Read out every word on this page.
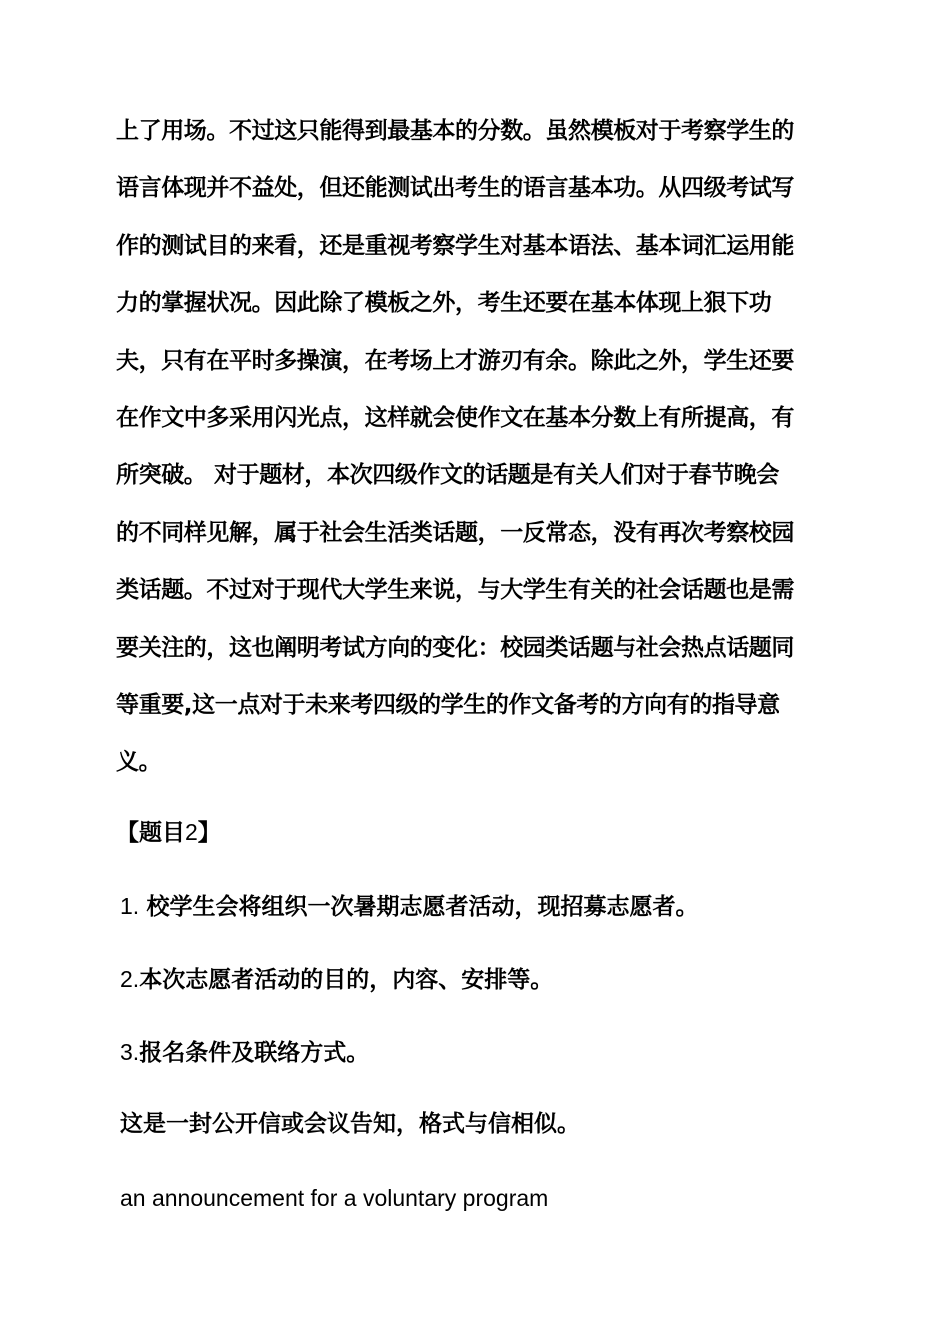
上了用场。不过这只能得到最基本的分数。虽然模板对于考察学生的
语言体现并不益处，但还能测试出考生的语言基本功。从四级考试写
作的测试目的来看，还是重视考察学生对基本语法、基本词汇运用能
力的掌握状况。因此除了模板之外，考生还要在基本体现上狠下功
夫，只有在平时多操演，在考场上才游刃有余。除此之外，学生还要
在作文中多采用闪光点，这样就会使作文在基本分数上有所提高，有
所突破。 对于题材，本次四级作文的话题是有关人们对于春节晚会
的不同样见解，属于社会生活类话题，一反常态，没有再次考察校园
类话题。不过对于现代大学生来说，与大学生有关的社会话题也是需
要关注的，这也阐明考试方向的变化：校园类话题与社会热点话题同
等重要,这一点对于未来考四级的学生的作文备考的方向有的指导意
义。
【题目2】
1. 校学生会将组织一次暑期志愿者活动，现招募志愿者。
2.本次志愿者活动的目的，内容、安排等。
3.报名条件及联络方式。
这是一封公开信或会议告知，格式与信相似。
an announcement for a voluntary program
